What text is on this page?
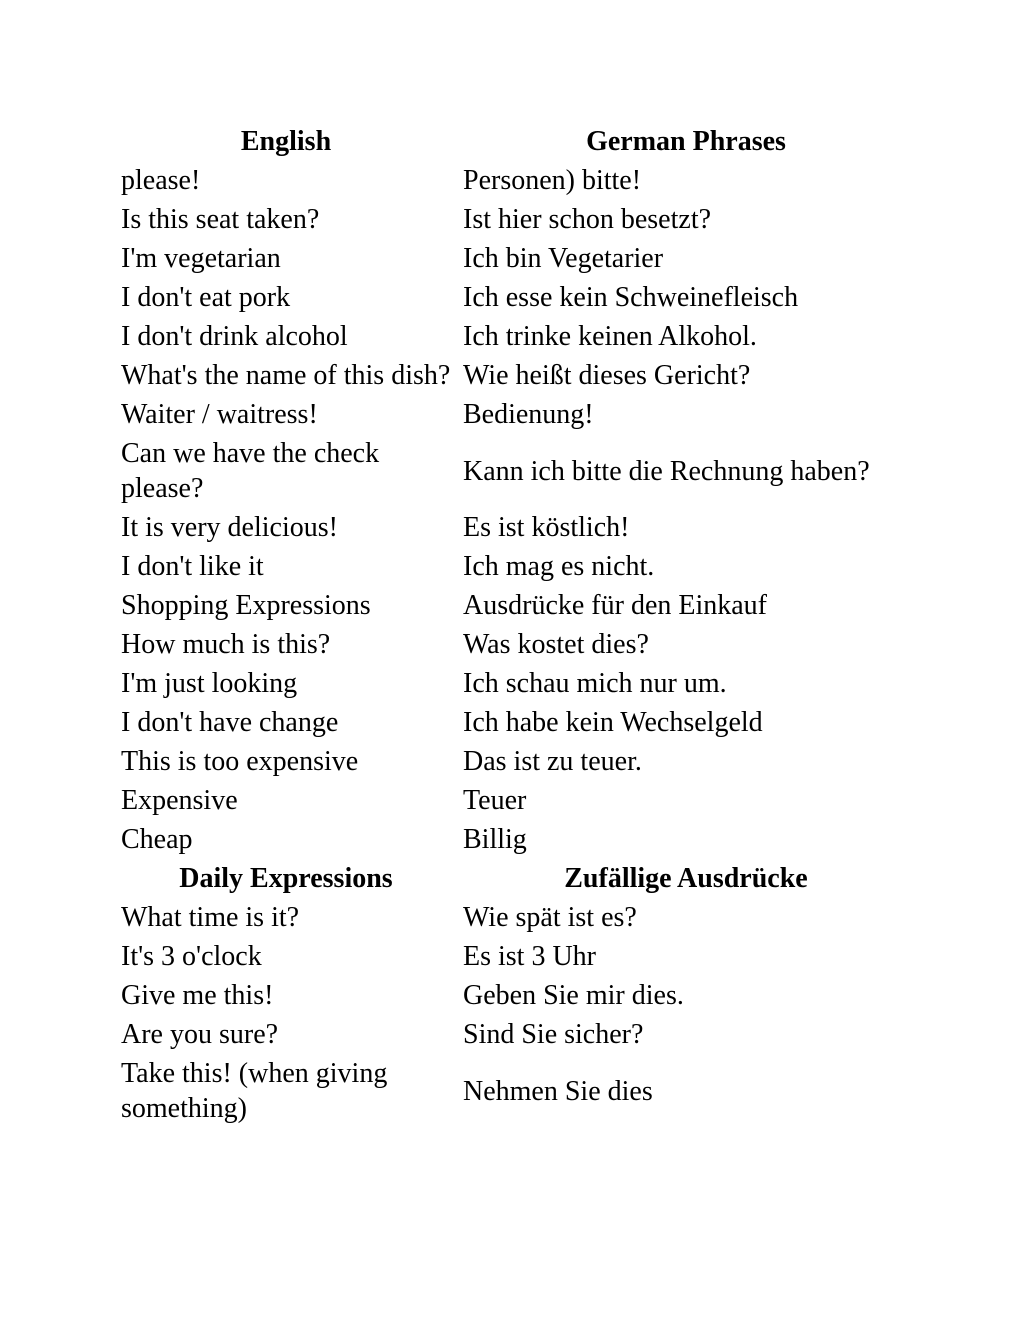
English	German Phrases
please!	Personen) bitte!
Is this seat taken?	Ist hier schon besetzt?
I'm vegetarian	Ich bin Vegetarier
I don't eat pork	Ich esse kein Schweinefleisch
I don't drink alcohol	Ich trinke keinen Alkohol.
What's the name of this dish?	Wie heißt dieses Gericht?
Waiter / waitress!	Bedienung!
Can we have the check please?	Kann ich bitte die Rechnung haben?
It is very delicious!	Es ist köstlich!
I don't like it	Ich mag es nicht.
Shopping Expressions	Ausdrücke für den Einkauf
How much is this?	Was kostet dies?
I'm just looking	Ich schau mich nur um.
I don't have change	Ich habe kein Wechselgeld
This is too expensive	Das ist zu teuer.
Expensive	Teuer
Cheap	Billig
Daily Expressions	Zufällige Ausdrücke
What time is it?	Wie spät ist es?
It's 3 o'clock	Es ist 3 Uhr
Give me this!	Geben Sie mir dies.
Are you sure?	Sind Sie sicher?
Take this! (when giving something)	Nehmen Sie dies
